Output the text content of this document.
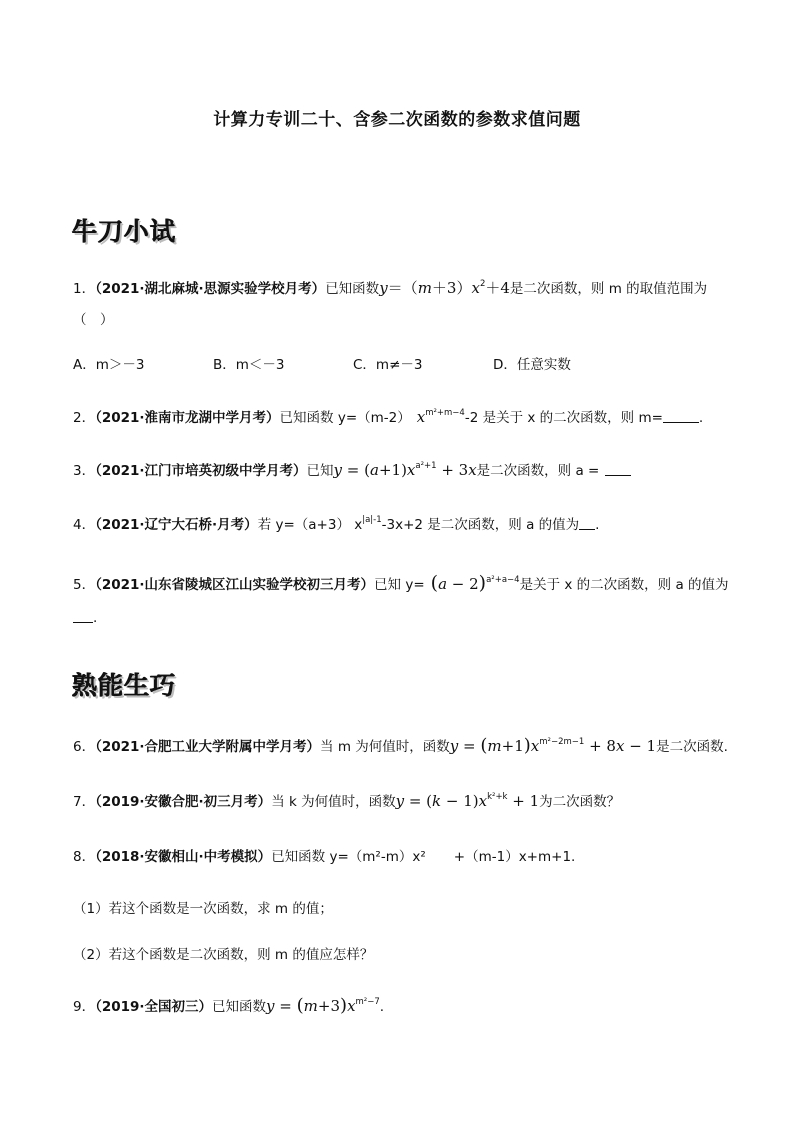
计算力专训二十、含参二次函数的参数求值问题
牛刀小试
1．（2021·湖北麻城·思源实验学校月考）已知函数$y=(m+3)x^2+4$是二次函数，则 m 的取值范围为
（　）
A．m＞－3	B．m＜－3	C．m≠－3	D．任意实数
2．（2021·淮南市龙湖中学月考）已知函数 y=（m-2） $x^{m^2+m-4}-2$ 是关于 x 的二次函数，则 m=	.
3．（2021·江门市培英初级中学月考）已知$y = (a+1)x^{a^2+1} + 3x$是二次函数，则 a =
4．（2021·辽宁大石桥·月考）若 y=（a+3） $x^{|a|-1}-3x+2$ 是二次函数，则 a 的值为 .
5．（2021·山东省陵城区江山实验学校初三月考）已知 $y= (a - 2)^{a^2+a-4}$是关于 x 的二次函数，则 a 的值为
.
熟能生巧
6．（2021·合肥工业大学附属中学月考）当 m 为何值时，函数$y = (m+1)x^{m^2-2m-1} + 8x - 1$是二次函数.
7．（2019·安徽合肥·初三月考）当 k 为何值时，函数$y = (k - 1)x^{k^2+k} + 1$为二次函数？
8．（2018·安徽相山·中考模拟）已知函数 y=（m²-m）x² +（m-1）x+m+1.
（1）若这个函数是一次函数，求 m 的值；
（2）若这个函数是二次函数，则 m 的值应怎样？
9．（2019·全国初三）已知函数$y = (m+3)x^{m^2-7}$.
